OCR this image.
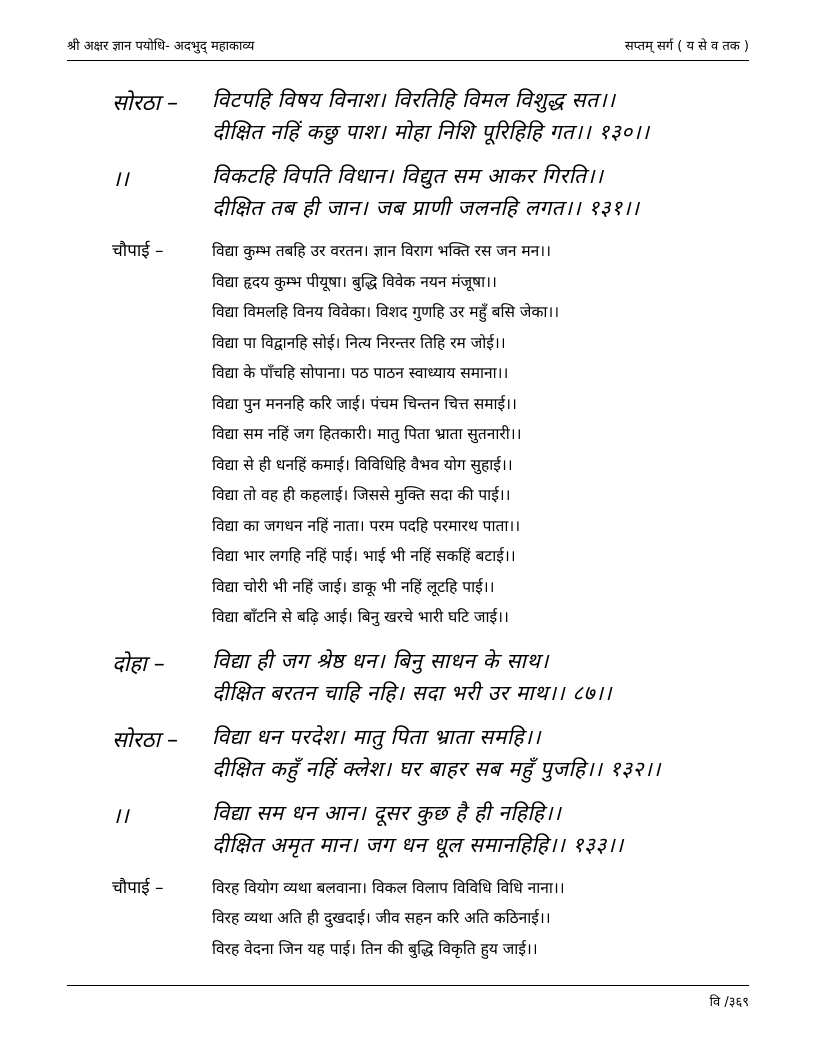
श्री अक्षर ज्ञान पयोधि- अदभुद् महाकाव्य	सप्तम् सर्ग ( य से व तक )
सोरठा – विटपहि विषय विनाश। विरतिहि विमल विशुद्ध सत।।
दीक्षित नहिं कछु पाश। मोहा निशि पूरिहिहि गत।। १३०।।
।।	विकटहि विपति विधान। विद्युत सम आकर गिरति।।
दीक्षित तब ही जान। जब प्राणी जलनहि लगत।। १३१।।
चौपाई –	विद्या कुम्भ तबहि उर वरतन। ज्ञान विराग भक्ति रस जन मन।।
विद्या हृदय कुम्भ पीयूषा। बुद्धि विवेक नयन मंजूषा।।
विद्या विमलहि विनय विवेका। विशद गुणहि उर महुँ बसि जेका।।
विद्या पा विद्वानहि सोई। नित्य निरन्तर तिहि रम जोई।।
विद्या के पाँचहि सोपाना। पठ पाठन स्वाध्याय समाना।।
विद्या पुन मननहि करि जाई। पंचम चिन्तन चित्त समाई।।
विद्या सम नहिं जग हितकारी। मातु पिता भ्राता सुतनारी।।
विद्या से ही धनहिं कमाई। विविधिहि वैभव योग सुहाई।।
विद्या तो वह ही कहलाई। जिससे मुक्ति सदा की पाई।।
विद्या का जगधन नहिं नाता। परम पदहि परमारथ पाता।।
विद्या भार लगहि नहिं पाई। भाई भी नहिं सकहिं बटाई।।
विद्या चोरी भी नहिं जाई। डाकू भी नहिं लूटहि पाई।।
विद्या बाँटनि से बढ़ि आई। बिनु खरचे भारी घटि जाई।।
दोहा – विद्या ही जग श्रेष्ठ धन। बिनु साधन के साथ।
दीक्षित बरतन चाहि नहि। सदा भरी उर माथ।। ८७।।
सोरठा – विद्या धन परदेश। मातु पिता भ्राता समहि।।
दीक्षित कहुँ नहिं क्लेश। घर बाहर सब महुँ पुजहि।। १३२।।
।।	विद्या सम धन आन। दूसर कुछ है ही नहिहि।।
दीक्षित अमृत मान। जग धन धूल समानहिहि।। १३३।।
चौपाई –	विरह वियोग व्यथा बलवाना। विकल विलाप विविधि विधि नाना।।
विरह व्यथा अति ही दुखदाई। जीव सहन करि अति कठिनाई।।
विरह वेदना जिन यह पाई। तिन की बुद्धि विकृति हुय जाई।।
वि /३६९
